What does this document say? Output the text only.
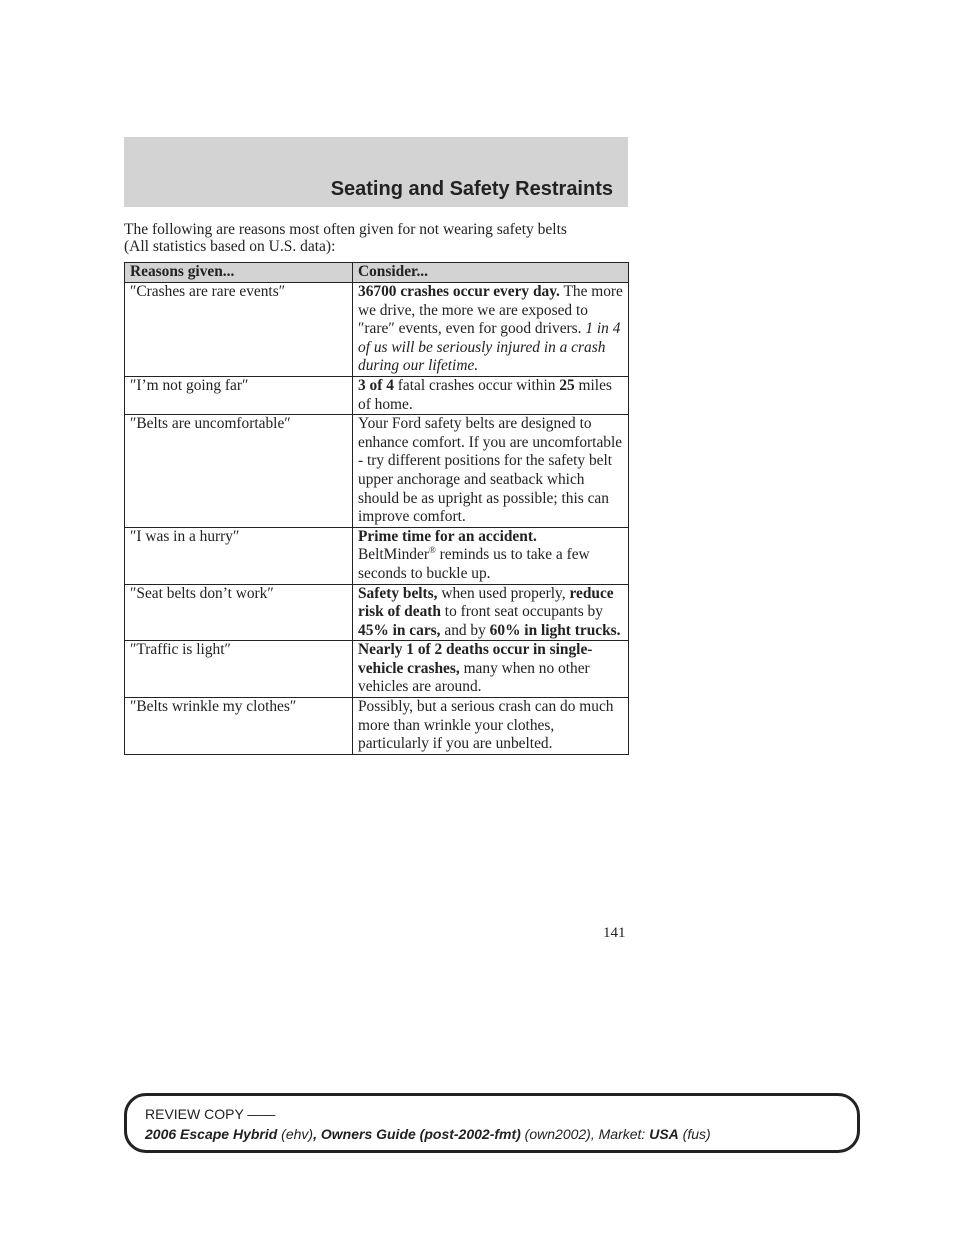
Seating and Safety Restraints
The following are reasons most often given for not wearing safety belts
(All statistics based on U.S. data):
Reasons given...	Consider...
″Crashes are rare events″	36700 crashes occur every day. The more we drive, the more we are exposed to ″rare″ events, even for good drivers. 1 in 4 of us will be seriously injured in a crash during our lifetime.
″I’m not going far″	3 of 4 fatal crashes occur within 25 miles of home.
″Belts are uncomfortable″	Your Ford safety belts are designed to enhance comfort. If you are uncomfortable - try different positions for the safety belt upper anchorage and seatback which should be as upright as possible; this can improve comfort.
″I was in a hurry″	Prime time for an accident.
BeltMinder® reminds us to take a few seconds to buckle up.
″Seat belts don’t work″	Safety belts, when used properly, reduce risk of death to front seat occupants by 45% in cars, and by 60% in light trucks.
″Traffic is light″	Nearly 1 of 2 deaths occur in single-vehicle crashes, many when no other vehicles are around.
″Belts wrinkle my clothes″	Possibly, but a serious crash can do much more than wrinkle your clothes, particularly if you are unbelted.
141
REVIEW COPY ——
2006 Escape Hybrid (ehv), Owners Guide (post-2002-fmt) (own2002), Market: USA (fus)
